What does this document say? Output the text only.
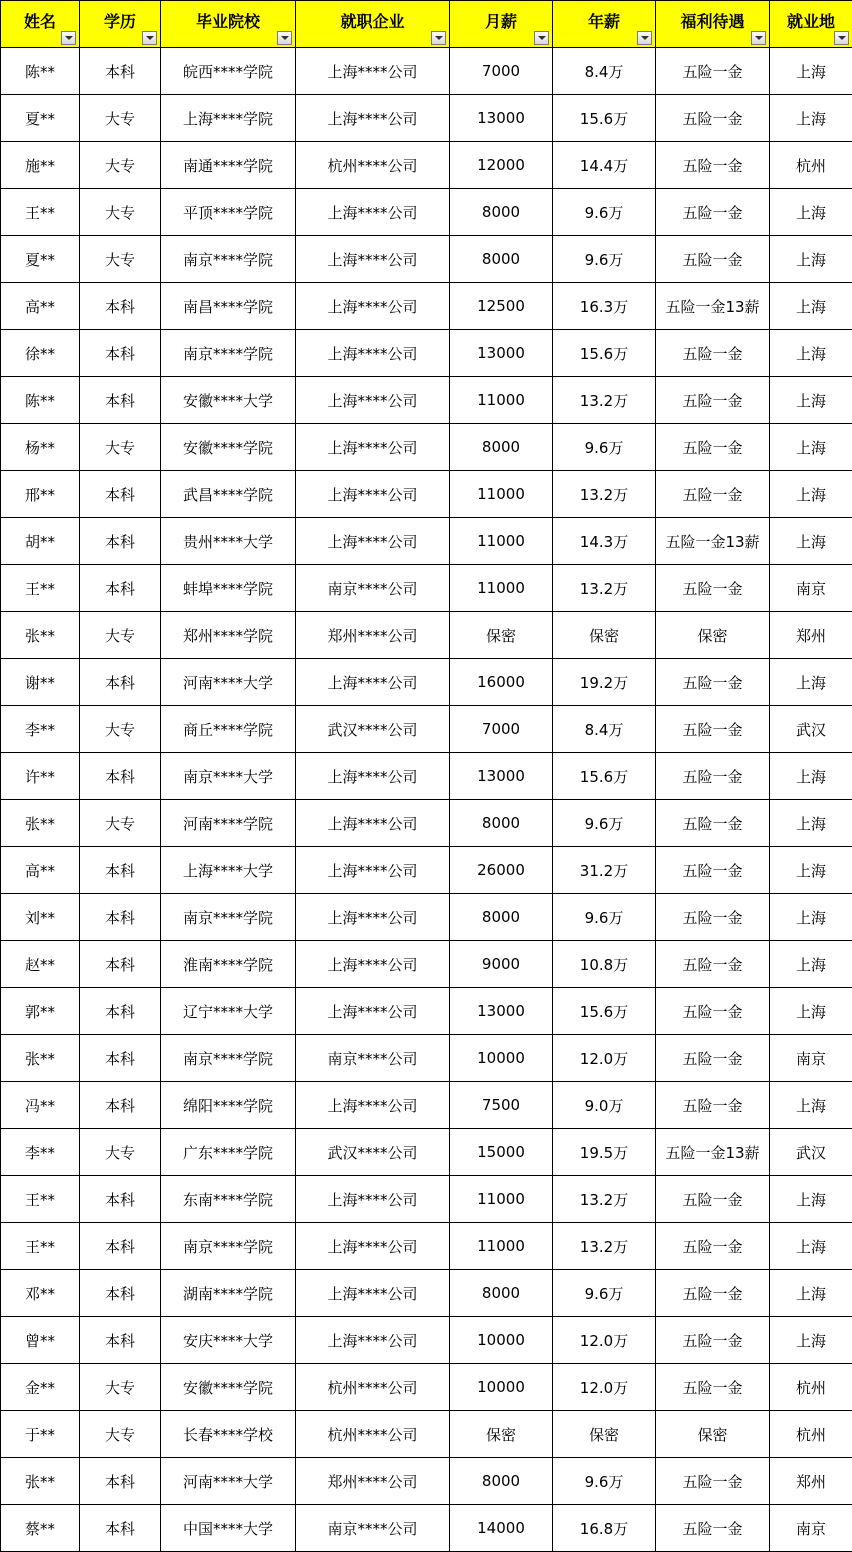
姓名	学历	毕业院校	就职企业	月薪	年薪	福利待遇	就业地

陈**	本科	皖西****学院	上海****公司	7000	8.4万	五险一金	上海
夏**	大专	上海****学院	上海****公司	13000	15.6万	五险一金	上海
施**	大专	南通****学院	杭州****公司	12000	14.4万	五险一金	杭州
王**	大专	平顶****学院	上海****公司	8000	9.6万	五险一金	上海
夏**	大专	南京****学院	上海****公司	8000	9.6万	五险一金	上海
高**	本科	南昌****学院	上海****公司	12500	16.3万	五险一金13薪	上海
徐**	本科	南京****学院	上海****公司	13000	15.6万	五险一金	上海
陈**	本科	安徽****大学	上海****公司	11000	13.2万	五险一金	上海
杨**	大专	安徽****学院	上海****公司	8000	9.6万	五险一金	上海
邢**	本科	武昌****学院	上海****公司	11000	13.2万	五险一金	上海
胡**	本科	贵州****大学	上海****公司	11000	14.3万	五险一金13薪	上海
王**	本科	蚌埠****学院	南京****公司	11000	13.2万	五险一金	南京
张**	大专	郑州****学院	郑州****公司	保密	保密	保密	郑州
谢**	本科	河南****大学	上海****公司	16000	19.2万	五险一金	上海
李**	大专	商丘****学院	武汉****公司	7000	8.4万	五险一金	武汉
许**	本科	南京****大学	上海****公司	13000	15.6万	五险一金	上海
张**	大专	河南****学院	上海****公司	8000	9.6万	五险一金	上海
高**	本科	上海****大学	上海****公司	26000	31.2万	五险一金	上海
刘**	本科	南京****学院	上海****公司	8000	9.6万	五险一金	上海
赵**	本科	淮南****学院	上海****公司	9000	10.8万	五险一金	上海
郭**	本科	辽宁****大学	上海****公司	13000	15.6万	五险一金	上海
张**	本科	南京****学院	南京****公司	10000	12.0万	五险一金	南京
冯**	本科	绵阳****学院	上海****公司	7500	9.0万	五险一金	上海
李**	大专	广东****学院	武汉****公司	15000	19.5万	五险一金13薪	武汉
王**	本科	东南****学院	上海****公司	11000	13.2万	五险一金	上海
王**	本科	南京****学院	上海****公司	11000	13.2万	五险一金	上海
邓**	本科	湖南****学院	上海****公司	8000	9.6万	五险一金	上海
曾**	本科	安庆****大学	上海****公司	10000	12.0万	五险一金	上海
金**	大专	安徽****学院	杭州****公司	10000	12.0万	五险一金	杭州
于**	大专	长春****学校	杭州****公司	保密	保密	保密	杭州
张**	本科	河南****大学	郑州****公司	8000	9.6万	五险一金	郑州
蔡**	本科	中国****大学	南京****公司	14000	16.8万	五险一金	南京
